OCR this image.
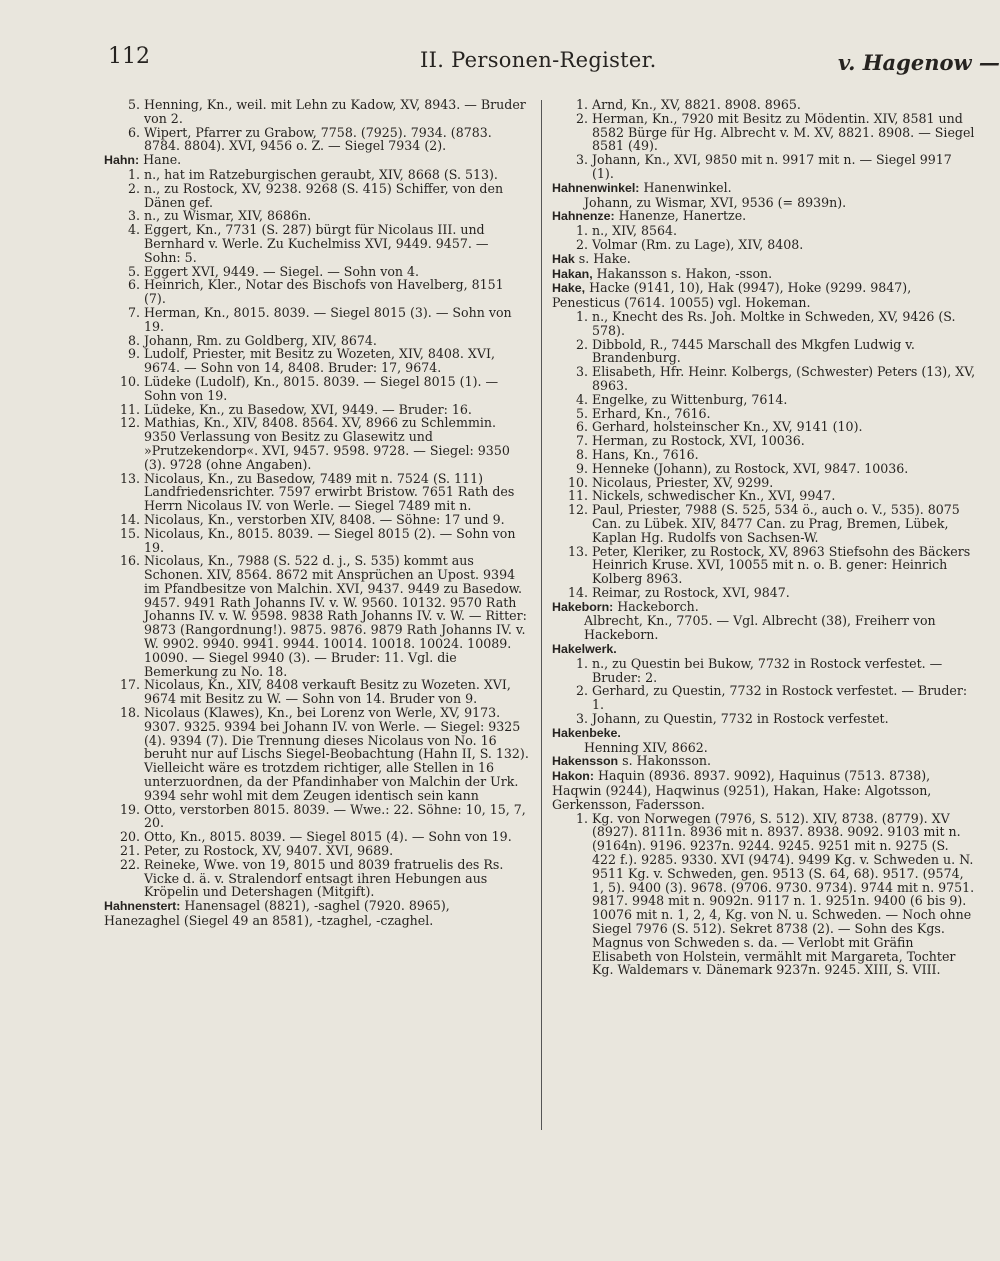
112	II. Personen-Register.	v. Hagenow —

5. Henning, Kn., weil. mit Lehn zu Kadow, XV, 8943. — Bruder von 2.

6. Wipert, Pfarrer zu Grabow, 7758. (7925). 7934. (8783. 8784. 8804). XVI, 9456 o. Z. — Siegel 7934 (2).

Hahn: Hane.

1. n., hat im Ratzeburgischen geraubt, XIV, 8668 (S. 513).

2. n., zu Rostock, XV, 9238. 9268 (S. 415) Schiffer, von den Dänen gef.

3. n., zu Wismar, XIV, 8686n.

4. Eggert, Kn., 7731 (S. 287) bürgt für Nicolaus III. und Bernhard v. Werle. Zu Kuchelmiss XVI, 9449. 9457. — Sohn: 5.

5. Eggert XVI, 9449. — Siegel. — Sohn von 4.

6. Heinrich, Kler., Notar des Bischofs von Havelberg, 8151 (7).

7. Herman, Kn., 8015. 8039. — Siegel 8015 (3). — Sohn von 19.

8. Johann, Rm. zu Goldberg, XIV, 8674.

9. Ludolf, Priester, mit Besitz zu Wozeten, XIV, 8408. XVI, 9674. — Sohn von 14, 8408. Bruder: 17, 9674.

10. Lüdeke (Ludolf), Kn., 8015. 8039. — Siegel 8015 (1). — Sohn von 19.

11. Lüdeke, Kn., zu Basedow, XVI, 9449. — Bruder: 16.

12. Mathias, Kn., XIV, 8408. 8564. XV, 8966 zu Schlemmin. 9350 Verlassung von Besitz zu Glasewitz und »Prutzekendorp«. XVI, 9457. 9598. 9728. — Siegel: 9350 (3). 9728 (ohne Angaben).

13. Nicolaus, Kn., zu Basedow, 7489 mit n. 7524 (S. 111) Landfriedensrichter. 7597 erwirbt Bristow. 7651 Rath des Herrn Nicolaus IV. von Werle. — Siegel 7489 mit n.

14. Nicolaus, Kn., verstorben XIV, 8408. — Söhne: 17 und 9.

15. Nicolaus, Kn., 8015. 8039. — Siegel 8015 (2). — Sohn von 19.

16. Nicolaus, Kn., 7988 (S. 522 d. j., S. 535) kommt aus Schonen. XIV, 8564. 8672 mit Ansprüchen an Upost. 9394 im Pfandbesitze von Malchin. XVI, 9437. 9449 zu Basedow. 9457. 9491 Rath Johanns IV. v. W. 9560. 10132. 9570 Rath Johanns IV. v. W. 9598. 9838 Rath Johanns IV. v. W. — Ritter: 9873 (Rangordnung!). 9875. 9876. 9879 Rath Johanns IV. v. W. 9902. 9940. 9941. 9944. 10014. 10018. 10024. 10089. 10090. — Siegel 9940 (3). — Bruder: 11. Vgl. die Bemerkung zu No. 18.

17. Nicolaus, Kn., XIV, 8408 verkauft Besitz zu Wozeten. XVI, 9674 mit Besitz zu W. — Sohn von 14. Bruder von 9.

18. Nicolaus (Klawes), Kn., bei Lorenz von Werle, XV, 9173. 9307. 9325. 9394 bei Johann IV. von Werle. — Siegel: 9325 (4). 9394 (7). Die Trennung dieses Nicolaus von No. 16 beruht nur auf Lischs Siegel-Beobachtung (Hahn II, S. 132). Vielleicht wäre es trotzdem richtiger, alle Stellen in 16 unterzuordnen, da der Pfandinhaber von Malchin der Urk. 9394 sehr wohl mit dem Zeugen identisch sein kann

19. Otto, verstorben 8015. 8039. — Wwe.: 22. Söhne: 10, 15, 7, 20.

20. Otto, Kn., 8015. 8039. — Siegel 8015 (4). — Sohn von 19.

21. Peter, zu Rostock, XV, 9407. XVI, 9689.

22. Reineke, Wwe. von 19, 8015 und 8039 fratruelis des Rs. Vicke d. ä. v. Stralendorf entsagt ihren Hebungen aus Kröpelin und Detershagen (Mitgift).

Hahnenstert: Hanensagel (8821), -saghel (7920. 8965), Hanezaghel (Siegel 49 an 8581), -tzaghel, -czaghel.

1. Arnd, Kn., XV, 8821. 8908. 8965.

2. Herman, Kn., 7920 mit Besitz zu Mödentin. XIV, 8581 und 8582 Bürge für Hg. Albrecht v. M. XV, 8821. 8908. — Siegel 8581 (49).

3. Johann, Kn., XVI, 9850 mit n. 9917 mit n. — Siegel 9917 (1).

Hahnenwinkel: Hanenwinkel.

Johann, zu Wismar, XVI, 9536 (= 8939n).

Hahnenze: Hanenze, Hanertze.

1. n., XIV, 8564.

2. Volmar (Rm. zu Lage), XIV, 8408.

Hak s. Hake.

Hakan, Hakansson s. Hakon, -sson.

Hake, Hacke (9141, 10), Hak (9947), Hoke (9299. 9847), Penesticus (7614. 10055) vgl. Hokeman.

1. n., Knecht des Rs. Joh. Moltke in Schweden, XV, 9426 (S. 578).

2. Dibbold, R., 7445 Marschall des Mkgfen Ludwig v. Brandenburg.

3. Elisabeth, Hfr. Heinr. Kolbergs, (Schwester) Peters (13), XV, 8963.

4. Engelke, zu Wittenburg, 7614.

5. Erhard, Kn., 7616.

6. Gerhard, holsteinscher Kn., XV, 9141 (10).

7. Herman, zu Rostock, XVI, 10036.

8. Hans, Kn., 7616.

9. Henneke (Johann), zu Rostock, XVI, 9847. 10036.

10. Nicolaus, Priester, XV, 9299.

11. Nickels, schwedischer Kn., XVI, 9947.

12. Paul, Priester, 7988 (S. 525, 534 ö., auch o. V., 535). 8075 Can. zu Lübek. XIV, 8477 Can. zu Prag, Bremen, Lübek, Kaplan Hg. Rudolfs von Sachsen-W.

13. Peter, Kleriker, zu Rostock, XV, 8963 Stiefsohn des Bäckers Heinrich Kruse. XVI, 10055 mit n. o. B. gener: Heinrich Kolberg 8963.

14. Reimar, zu Rostock, XVI, 9847.

Hakeborn: Hackeborch.

Albrecht, Kn., 7705. — Vgl. Albrecht (38), Freiherr von Hackeborn.

Hakelwerk.

1. n., zu Questin bei Bukow, 7732 in Rostock verfestet. — Bruder: 2.

2. Gerhard, zu Questin, 7732 in Rostock verfestet. — Bruder: 1.

3. Johann, zu Questin, 7732 in Rostock verfestet.

Hakenbeke.

Henning XIV, 8662.

Hakensson s. Hakonsson.

Hakon: Haquin (8936. 8937. 9092), Haquinus (7513. 8738), Haqwin (9244), Haqwinus (9251), Hakan, Hake: Algotsson, Gerkensson, Fadersson.

1. Kg. von Norwegen (7976, S. 512). XIV, 8738. (8779). XV (8927). 8111n. 8936 mit n. 8937. 8938. 9092. 9103 mit n. (9164n). 9196. 9237n. 9244. 9245. 9251 mit n. 9275 (S. 422 f.). 9285. 9330. XVI (9474). 9499 Kg. v. Schweden u. N. 9511 Kg. v. Schweden, gen. 9513 (S. 64, 68). 9517. (9574, 1, 5). 9400 (3). 9678. (9706. 9730. 9734). 9744 mit n. 9751. 9817. 9948 mit n. 9092n. 9117 n. 1. 9251n. 9400 (6 bis 9). 10076 mit n. 1, 2, 4, Kg. von N. u. Schweden. — Noch ohne Siegel 7976 (S. 512). Sekret 8738 (2). — Sohn des Kgs. Magnus von Schweden s. da. — Verlobt mit Gräfin Elisabeth von Holstein, vermählt mit Margareta, Tochter Kg. Waldemars v. Dänemark 9237n. 9245. XIII, S. VIII.
